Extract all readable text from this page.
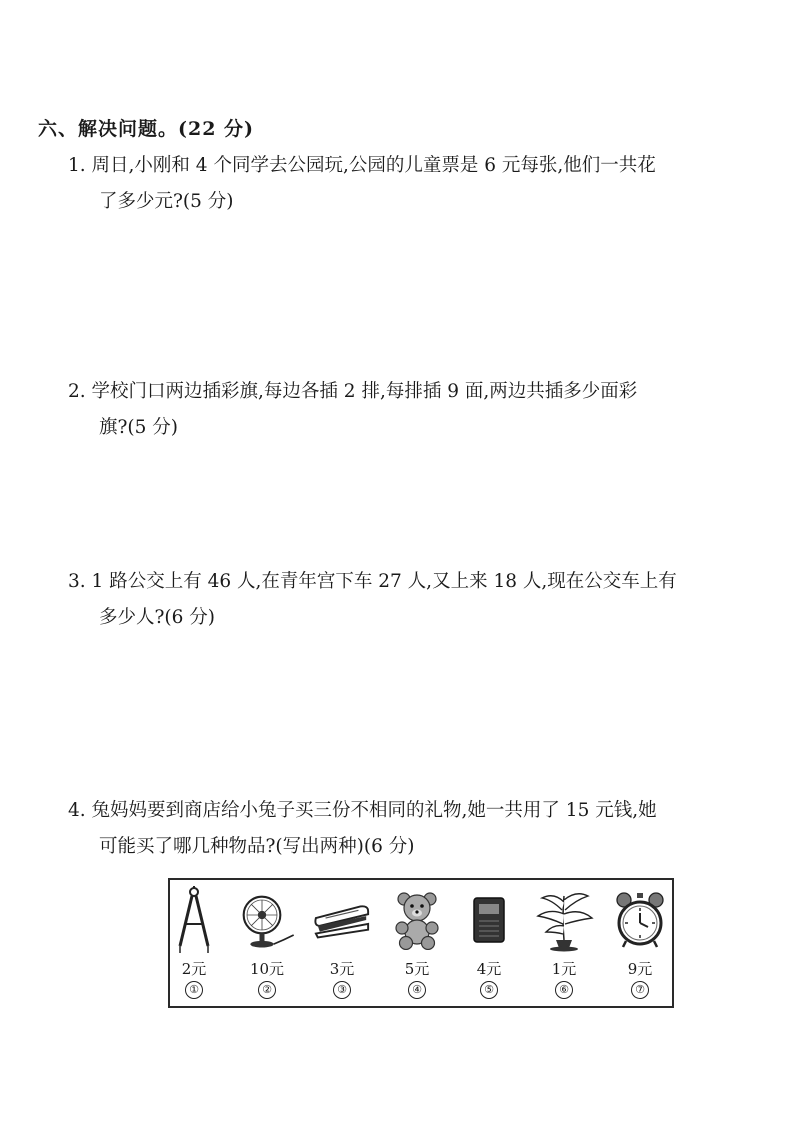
六、解决问题。(22 分)
1. 周日,小刚和 4 个同学去公园玩,公园的儿童票是 6 元每张,他们一共花
了多少元?(5 分)
2. 学校门口两边插彩旗,每边各插 2 排,每排插 9 面,两边共插多少面彩
旗?(5 分)
3. 1 路公交上有 46 人,在青年宫下车 27 人,又上来 18 人,现在公交车上有
多少人?(6 分)
4. 兔妈妈要到商店给小兔子买三份不相同的礼物,她一共用了 15 元钱,她
可能买了哪几种物品?(写出两种)(6 分)
2元
①
10元
②
3元
③
5元
④
4元
⑤
1元
⑥
9元
⑦
